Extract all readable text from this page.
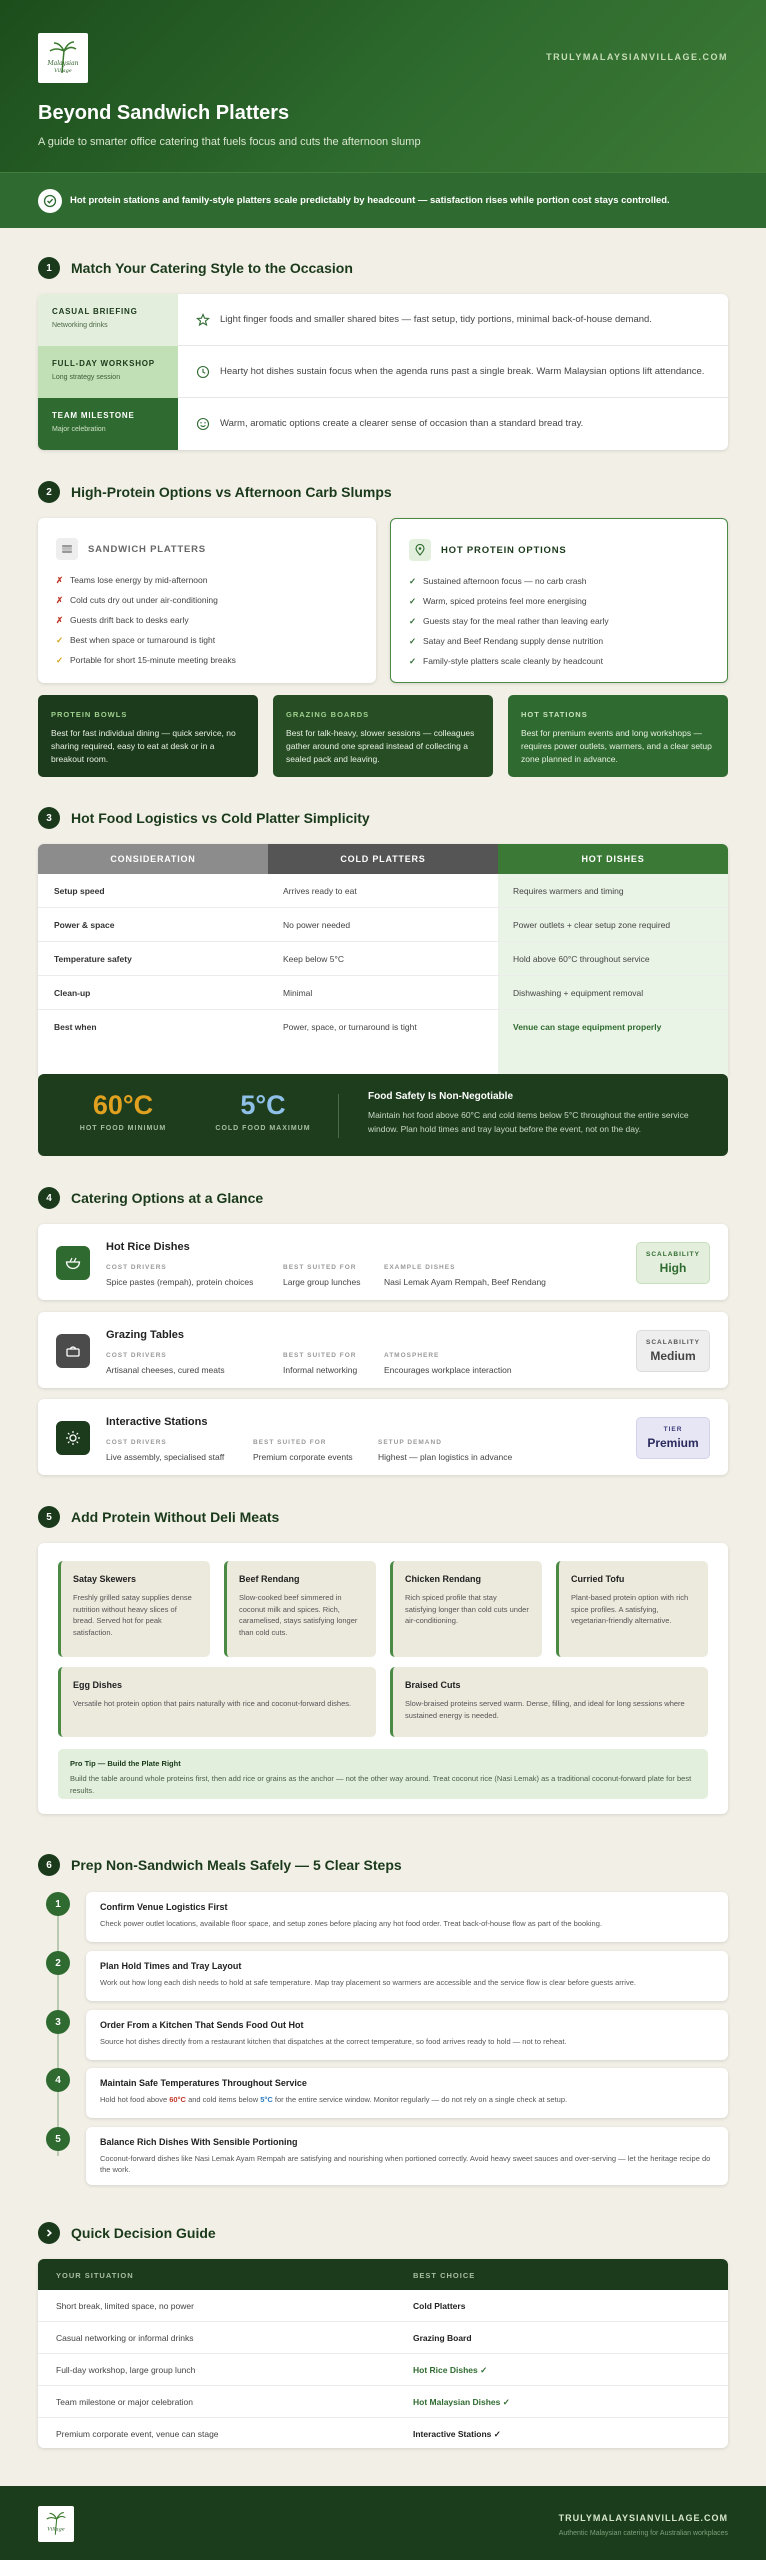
Malaysian
Village
TRULYMALAYSIANVILLAGE.COM
Beyond Sandwich Platters

A guide to smarter office catering that fuels focus and cuts the afternoon slump

Hot protein stations and family-style platters scale predictably by headcount — satisfaction rises while portion cost stays controlled.
1	Match Your Catering Style to the Occasion
CASUAL BRIEFING
Networking drinks
Light finger foods and smaller shared bites — fast setup, tidy portions, minimal back-of-house demand.
FULL-DAY WORKSHOP
Long strategy session
Hearty hot dishes sustain focus when the agenda runs past a single break. Warm Malaysian options lift attendance.
TEAM MILESTONE
Major celebration
Warm, aromatic options create a clearer sense of occasion than a standard bread tray.
2	High-Protein Options vs Afternoon Carb Slumps
SANDWICH PLATTERS
✗ Teams lose energy by mid-afternoon
✗ Cold cuts dry out under air-conditioning
✗ Guests drift back to desks early
✓ Best when space or turnaround is tight
✓ Portable for short 15-minute meeting breaks
HOT PROTEIN OPTIONS
✓ Sustained afternoon focus — no carb crash
✓ Warm, spiced proteins feel more energising
✓ Guests stay for the meal rather than leaving early
✓ Satay and Beef Rendang supply dense nutrition
✓ Family-style platters scale cleanly by headcount
PROTEIN BOWLS
Best for fast individual dining — quick service, no sharing required, easy to eat at desk or in a breakout room.
GRAZING BOARDS
Best for talk-heavy, slower sessions — colleagues gather around one spread instead of collecting a sealed pack and leaving.
HOT STATIONS
Best for premium events and long workshops — requires power outlets, warmers, and a clear setup zone planned in advance.
3	Hot Food Logistics vs Cold Platter Simplicity
CONSIDERATION	COLD PLATTERS	HOT DISHES
Setup speed	Arrives ready to eat	Requires warmers and timing
Power & space	No power needed	Power outlets + clear setup zone required
Temperature safety	Keep below 5°C	Hold above 60°C throughout service
Clean-up	Minimal	Dishwashing + equipment removal
Best when	Power, space, or turnaround is tight	Venue can stage equipment properly
60°C
HOT FOOD MINIMUM
5°C
COLD FOOD MAXIMUM
Food Safety Is Non-Negotiable
Maintain hot food above 60°C and cold items below 5°C throughout the entire service window. Plan hold times and tray layout before the event, not on the day.
4	Catering Options at a Glance
Hot Rice Dishes
COST DRIVERS
Spice pastes (rempah), protein choices
BEST SUITED FOR
Large group lunches
EXAMPLE DISHES
Nasi Lemak Ayam Rempah, Beef Rendang
SCALABILITY
High
Grazing Tables
COST DRIVERS
Artisanal cheeses, cured meats
BEST SUITED FOR
Informal networking
ATMOSPHERE
Encourages workplace interaction
SCALABILITY
Medium
Interactive Stations
COST DRIVERS
Live assembly, specialised staff
BEST SUITED FOR
Premium corporate events
SETUP DEMAND
Highest — plan logistics in advance
TIER
Premium
5	Add Protein Without Deli Meats
Satay Skewers
Freshly grilled satay supplies dense nutrition without heavy slices of bread. Served hot for peak satisfaction.
Beef Rendang
Slow-cooked beef simmered in coconut milk and spices. Rich, caramelised, stays satisfying longer than cold cuts.
Chicken Rendang
Rich spiced profile that stay satisfying longer than cold cuts under air-conditioning.
Curried Tofu
Plant-based protein option with rich spice profiles. A satisfying, vegetarian-friendly alternative.
Egg Dishes
Versatile hot protein option that pairs naturally with rice and coconut-forward dishes.
Braised Cuts
Slow-braised proteins served warm. Dense, filling, and ideal for long sessions where sustained energy is needed.
Pro Tip — Build the Plate Right
Build the table around whole proteins first, then add rice or grains as the anchor — not the other way around. Treat coconut rice (Nasi Lemak) as a traditional coconut-forward plate for best results.
6	Prep Non-Sandwich Meals Safely — 5 Clear Steps
1	Confirm Venue Logistics First
Check power outlet locations, available floor space, and setup zones before placing any hot food order. Treat back-of-house flow as part of the booking.
2	Plan Hold Times and Tray Layout
Work out how long each dish needs to hold at safe temperature. Map tray placement so warmers are accessible and the service flow is clear before guests arrive.
3	Order From a Kitchen That Sends Food Out Hot
Source hot dishes directly from a restaurant kitchen that dispatches at the correct temperature, so food arrives ready to hold — not to reheat.
4	Maintain Safe Temperatures Throughout Service
Hold hot food above 60°C and cold items below 5°C for the entire service window. Monitor regularly — do not rely on a single check at setup.
5	Balance Rich Dishes With Sensible Portioning
Coconut-forward dishes like Nasi Lemak Ayam Rempah are satisfying and nourishing when portioned correctly. Avoid heavy sweet sauces and over-serving — let the heritage recipe do the work.
Quick Decision Guide
YOUR SITUATION	BEST CHOICE
Short break, limited space, no power	Cold Platters
Casual networking or informal drinks	Grazing Board
Full-day workshop, large group lunch	Hot Rice Dishes ✓
Team milestone or major celebration	Hot Malaysian Dishes ✓
Premium corporate event, venue can stage	Interactive Stations ✓
Village
TRULYMALAYSIANVILLAGE.COM
Authentic Malaysian catering for Australian workplaces
